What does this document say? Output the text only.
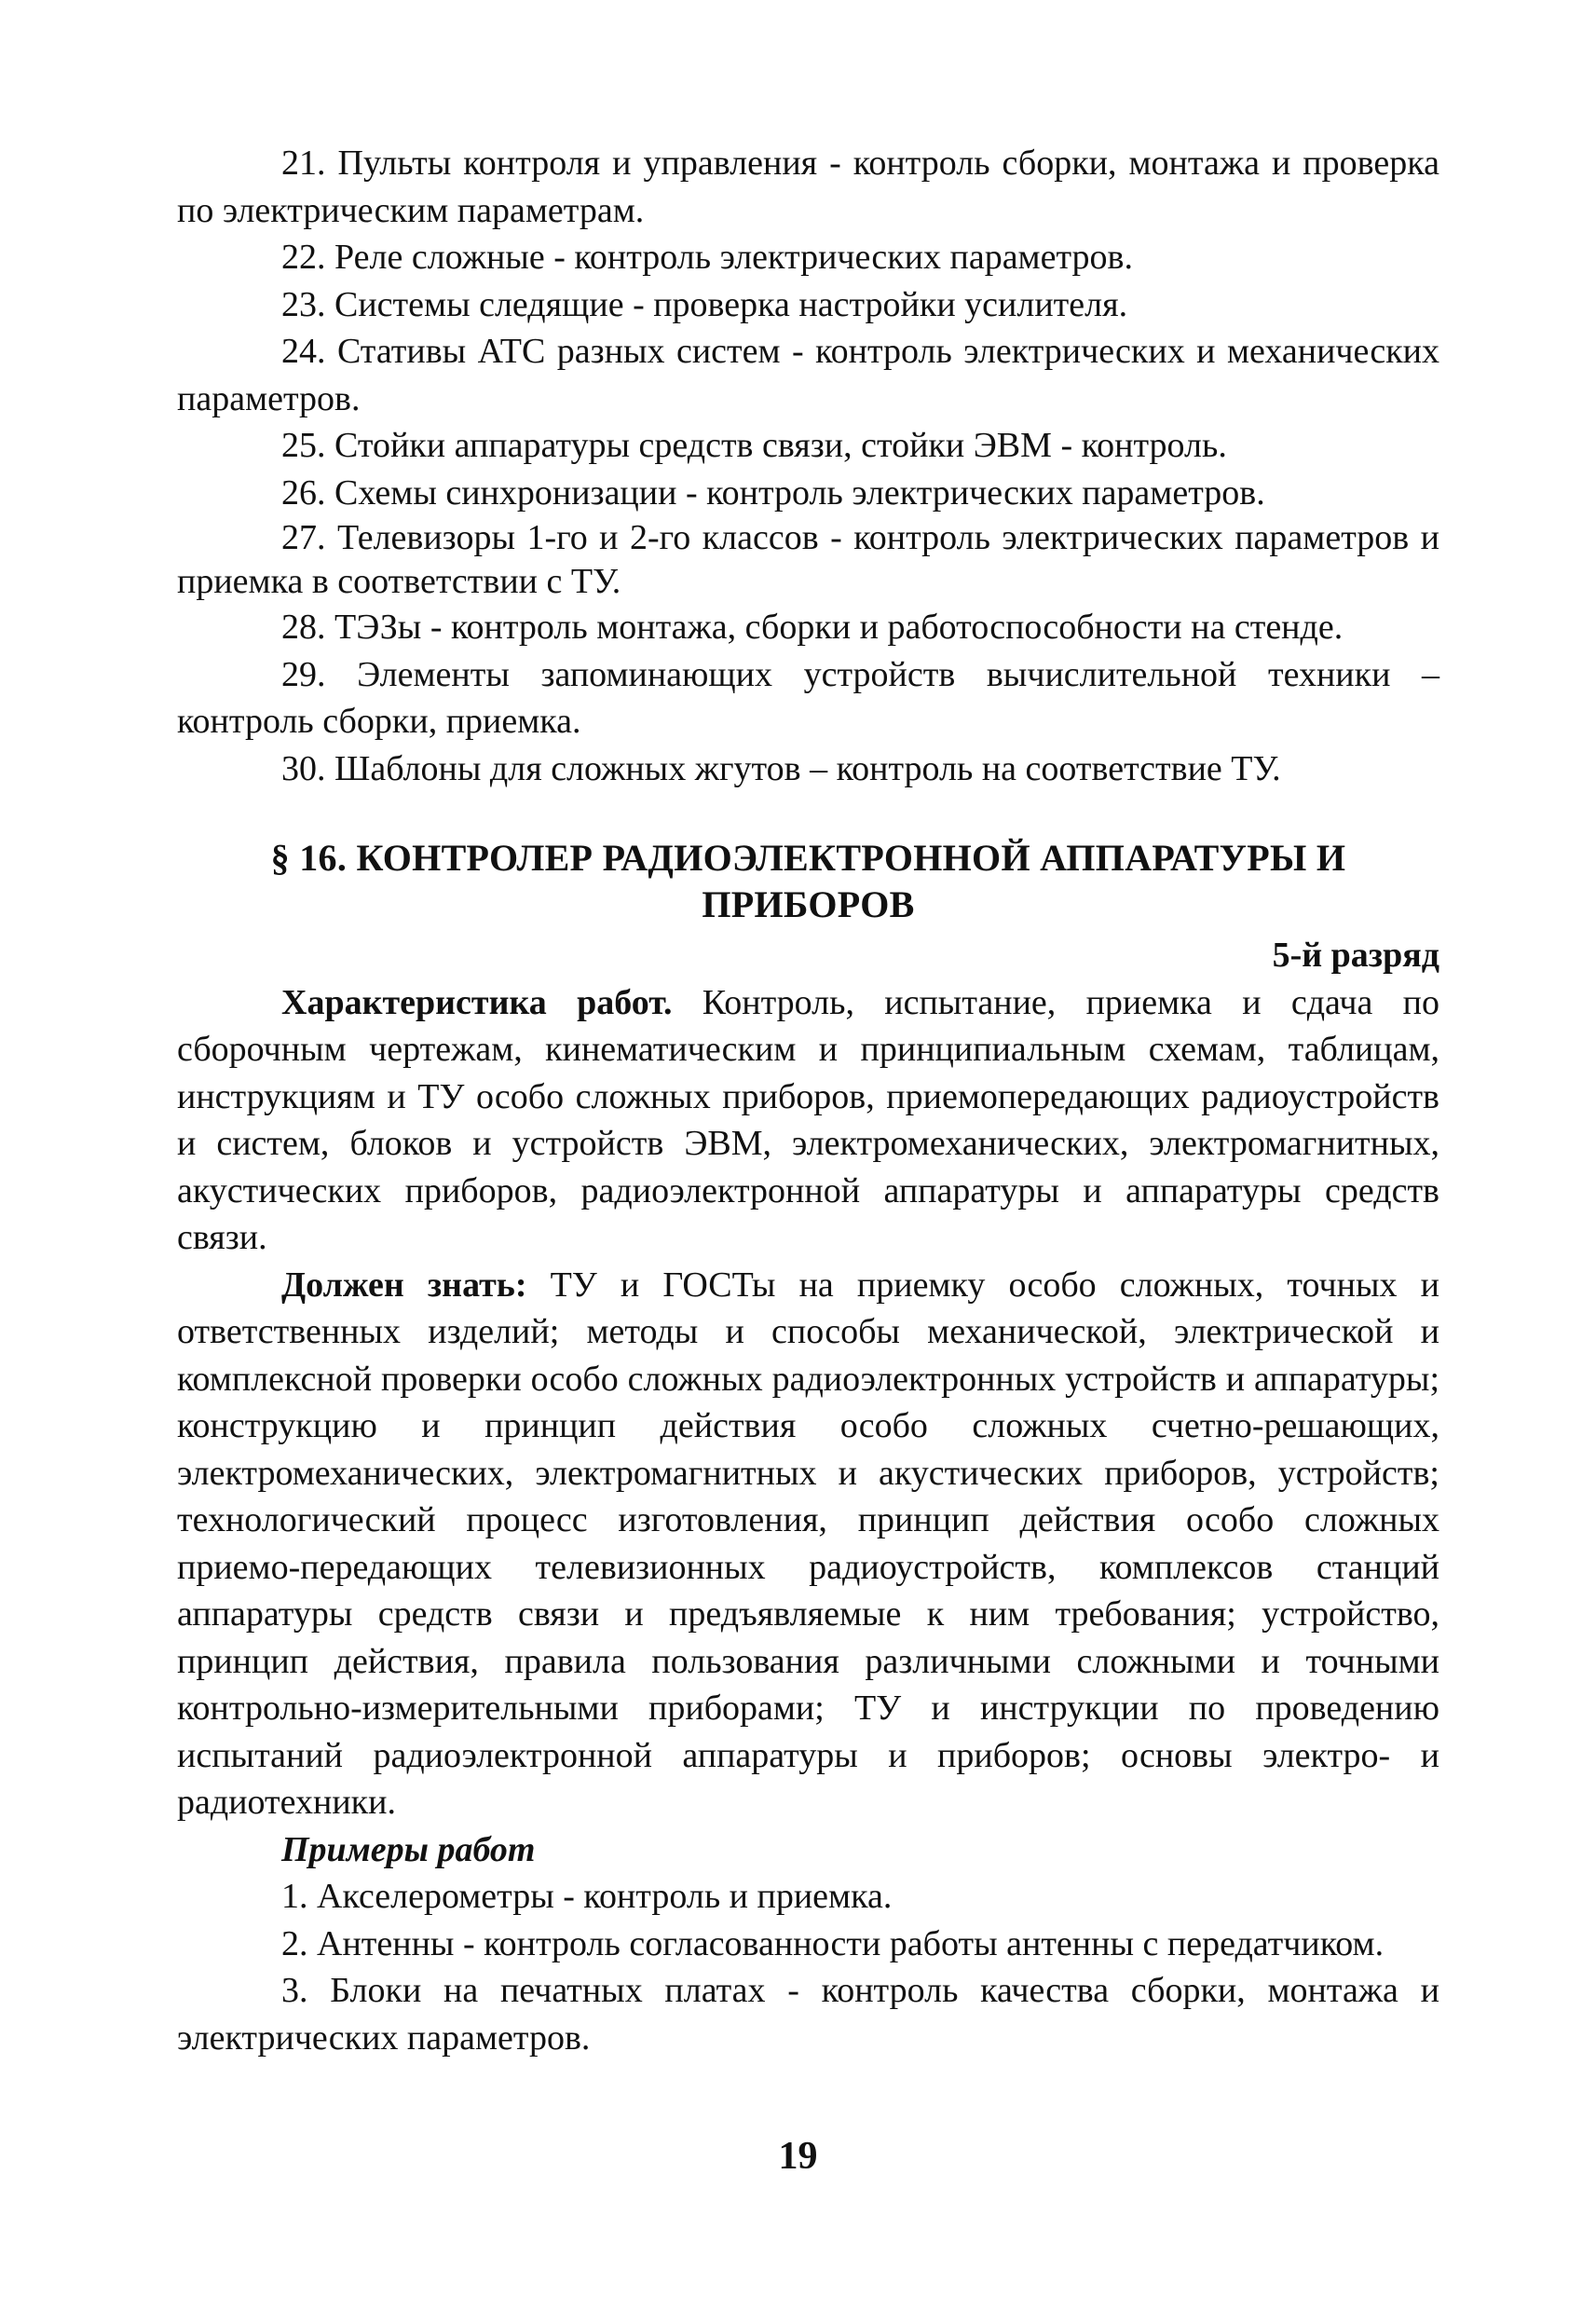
21. Пульты контроля и управления - контроль сборки, монтажа и проверка по электрическим параметрам.

22. Реле сложные - контроль электрических параметров.

23. Системы следящие - проверка настройки усилителя.

24. Стативы АТС разных систем - контроль электрических и механических параметров.

25. Стойки аппаратуры средств связи, стойки ЭВМ - контроль.

26. Схемы синхронизации - контроль электрических параметров.

27. Телевизоры 1-го и 2-го классов - контроль электрических параметров и приемка в соответствии с ТУ.

28. ТЭЗы - контроль монтажа, сборки и работоспособности на стенде.

29. Элементы запоминающих устройств вычислительной техники – контроль сборки, приемка.

30. Шаблоны для сложных жгутов – контроль на соответствие ТУ.

§ 16. КОНТРОЛЕР РАДИОЭЛЕКТРОННОЙ АППАРАТУРЫ И ПРИБОРОВ

5-й разряд

Характеристика работ. Контроль, испытание, приемка и сдача по сборочным чертежам, кинематическим и принципиальным схемам, таблицам, инструкциям и ТУ особо сложных приборов, приемопередающих радиоустройств и систем, блоков и устройств ЭВМ, электромеханических, электромагнитных, акустических приборов, радиоэлектронной аппаратуры и аппаратуры средств связи.

Должен знать: ТУ и ГОСТы на приемку особо сложных, точных и ответственных изделий; методы и способы механической, электрической и комплексной проверки особо сложных радиоэлектронных устройств и аппаратуры; конструкцию и принцип действия особо сложных счетно-решающих, электромеханических, электромагнитных и акустических приборов, устройств; технологический процесс изготовления, принцип действия особо сложных приемо-передающих телевизионных радиоустройств, комплексов станций аппаратуры средств связи и предъявляемые к ним требования; устройство, принцип действия, правила пользования различными сложными и точными контрольно-измерительными приборами; ТУ и инструкции по проведению испытаний радиоэлектронной аппаратуры и приборов; основы электро- и радиотехники.

Примеры работ

1. Акселерометры - контроль и приемка.

2. Антенны - контроль согласованности работы антенны с передатчиком.

3. Блоки на печатных платах - контроль качества сборки, монтажа и электрических параметров.

19
